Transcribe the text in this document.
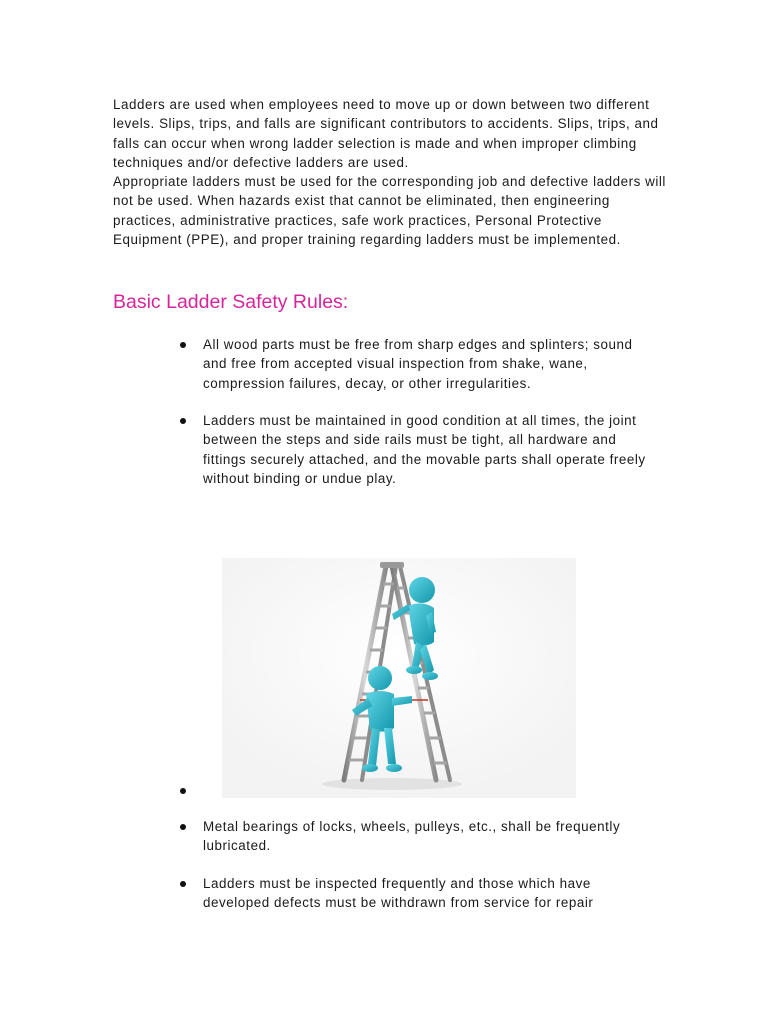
Ladders are used when employees need to move up or down between two different levels. Slips, trips, and falls are significant contributors to accidents. Slips, trips, and falls can occur when wrong ladder selection is made and when improper climbing techniques and/or defective ladders are used.

Appropriate ladders must be used for the corresponding job and defective ladders will not be used. When hazards exist that cannot be eliminated, then engineering practices, administrative practices, safe work practices, Personal Protective Equipment (PPE), and proper training regarding ladders must be implemented.

Basic Ladder Safety Rules:
All wood parts must be free from sharp edges and splinters; sound and free from accepted visual inspection from shake, wane, compression failures, decay, or other irregularities.
Ladders must be maintained in good condition at all times, the joint between the steps and side rails must be tight, all hardware and fittings securely attached, and the movable parts shall operate freely without binding or undue play.
Metal bearings of locks, wheels, pulleys, etc., shall be frequently lubricated.
Ladders must be inspected frequently and those which have developed defects must be withdrawn from service for repair
